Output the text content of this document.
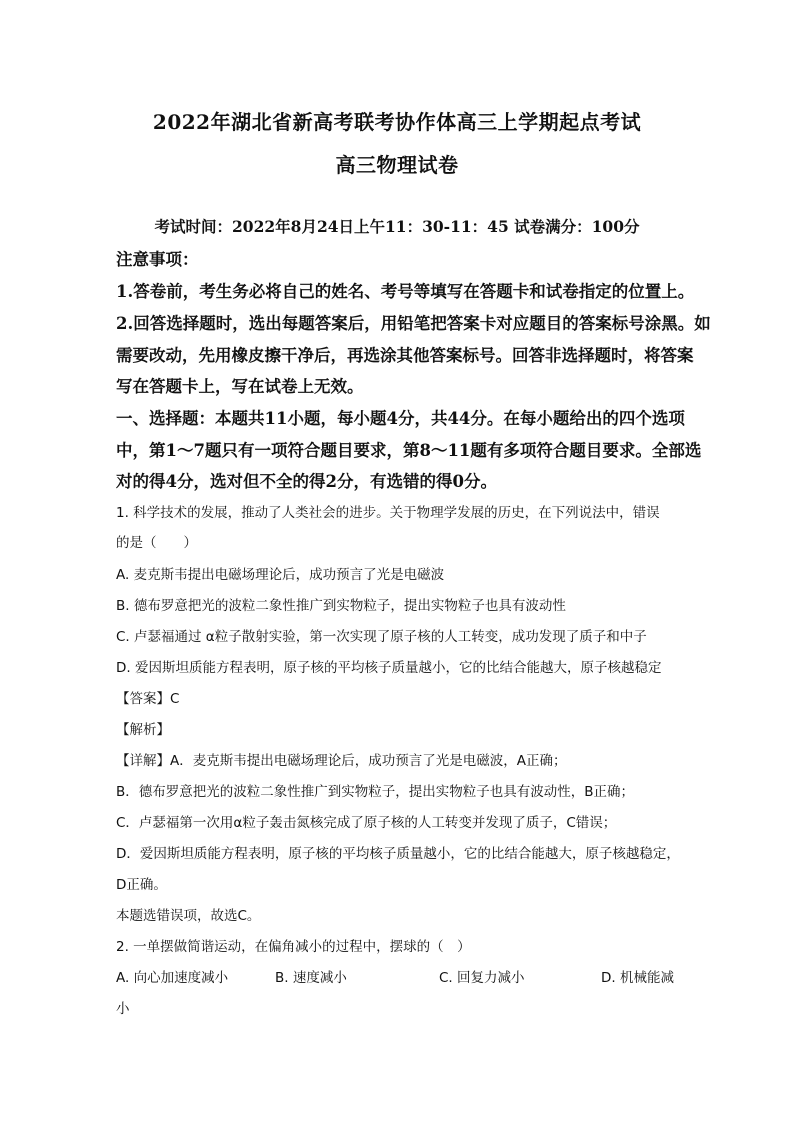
2022年湖北省新高考联考协作体高三上学期起点考试
高三物理试卷
考试时间：2022年8月24日上午11：30-11：45 试卷满分：100分
注意事项：
1.答卷前，考生务必将自己的姓名、考号等填写在答题卡和试卷指定的位置上。
2.回答选择题时，选出每题答案后，用铅笔把答案卡对应题目的答案标号涂黑。如
需要改动，先用橡皮擦干净后，再选涂其他答案标号。回答非选择题时，将答案
写在答题卡上，写在试卷上无效。
一、选择题：本题共11小题，每小题4分，共44分。在每小题给出的四个选项
中，第1～7题只有一项符合题目要求，第8～11题有多项符合题目要求。全部选
对的得4分，选对但不全的得2分，有选错的得0分。
1. 科学技术的发展，推动了人类社会的进步。关于物理学发展的历史，在下列说法中，错误
的是（　　）
A. 麦克斯韦提出电磁场理论后，成功预言了光是电磁波
B. 德布罗意把光的波粒二象性推广到实物粒子，提出实物粒子也具有波动性
C. 卢瑟福通过 α粒子散射实验，第一次实现了原子核的人工转变，成功发现了质子和中子
D. 爱因斯坦质能方程表明，原子核的平均核子质量越小，它的比结合能越大，原子核越稳定
【答案】C
【解析】
【详解】A．麦克斯韦提出电磁场理论后，成功预言了光是电磁波，A正确；
B．德布罗意把光的波粒二象性推广到实物粒子，提出实物粒子也具有波动性，B正确；
C．卢瑟福第一次用α粒子轰击氮核完成了原子核的人工转变并发现了质子，C错误；
D．爱因斯坦质能方程表明，原子核的平均核子质量越小，它的比结合能越大，原子核越稳定，
D正确。
本题选错误项，故选C。
2. 一单摆做简谐运动，在偏角减小的过程中，摆球的（　）
A. 向心加速度减小	B. 速度减小	C. 回复力减小	D. 机械能减
小
